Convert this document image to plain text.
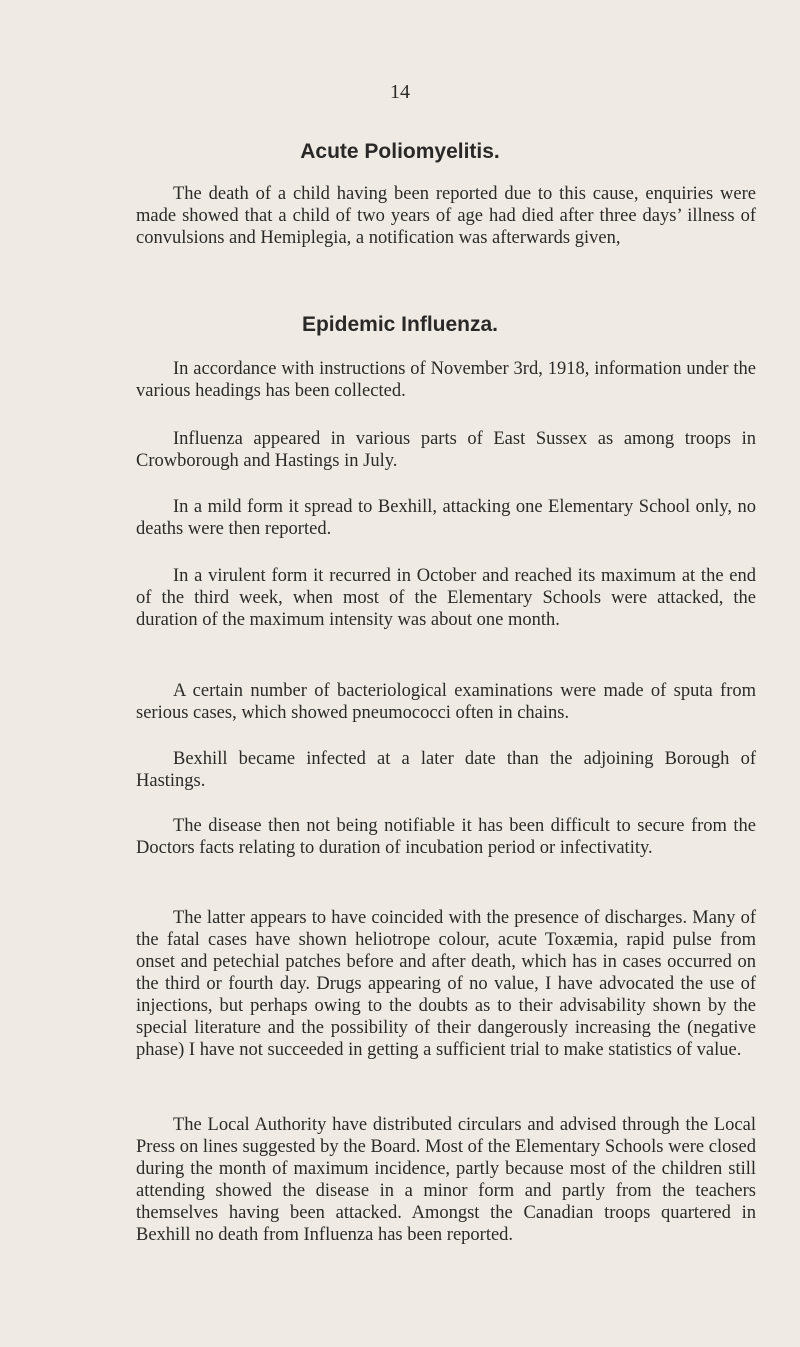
14
Acute Poliomyelitis.

The death of a child having been reported due to this cause, enquiries were made showed that a child of two years of age had died after three days’ illness of convulsions and Hemiplegia, a notification was afterwards given,

Epidemic Influenza.

In accordance with instructions of November 3rd, 1918, information under the various headings has been collected.

Influenza appeared in various parts of East Sussex as among troops in Crowborough and Hastings in July.

In a mild form it spread to Bexhill, attacking one Elementary School only, no deaths were then reported.

In a virulent form it recurred in October and reached its maximum at the end of the third week, when most of the Elementary Schools were attacked, the duration of the maximum intensity was about one month.

A certain number of bacteriological examinations were made of sputa from serious cases, which showed pneumococci often in chains.

Bexhill became infected at a later date than the adjoining Borough of Hastings.

The disease then not being notifiable it has been difficult to secure from the Doctors facts relating to duration of incubation period or infectivatity.

The latter appears to have coincided with the presence of discharges. Many of the fatal cases have shown heliotrope colour, acute Toxæmia, rapid pulse from onset and petechial patches before and after death, which has in cases occurred on the third or fourth day. Drugs appearing of no value, I have advocated the use of injections, but perhaps owing to the doubts as to their advisability shown by the special literature and the possibility of their dangerously increasing the (negative phase) I have not succeeded in getting a sufficient trial to make statistics of value.

The Local Authority have distributed circulars and advised through the Local Press on lines suggested by the Board. Most of the Elementary Schools were closed during the month of maximum incidence, partly because most of the children still attending showed the disease in a minor form and partly from the teachers themselves having been attacked. Amongst the Canadian troops quartered in Bexhill no death from Influenza has been reported.
